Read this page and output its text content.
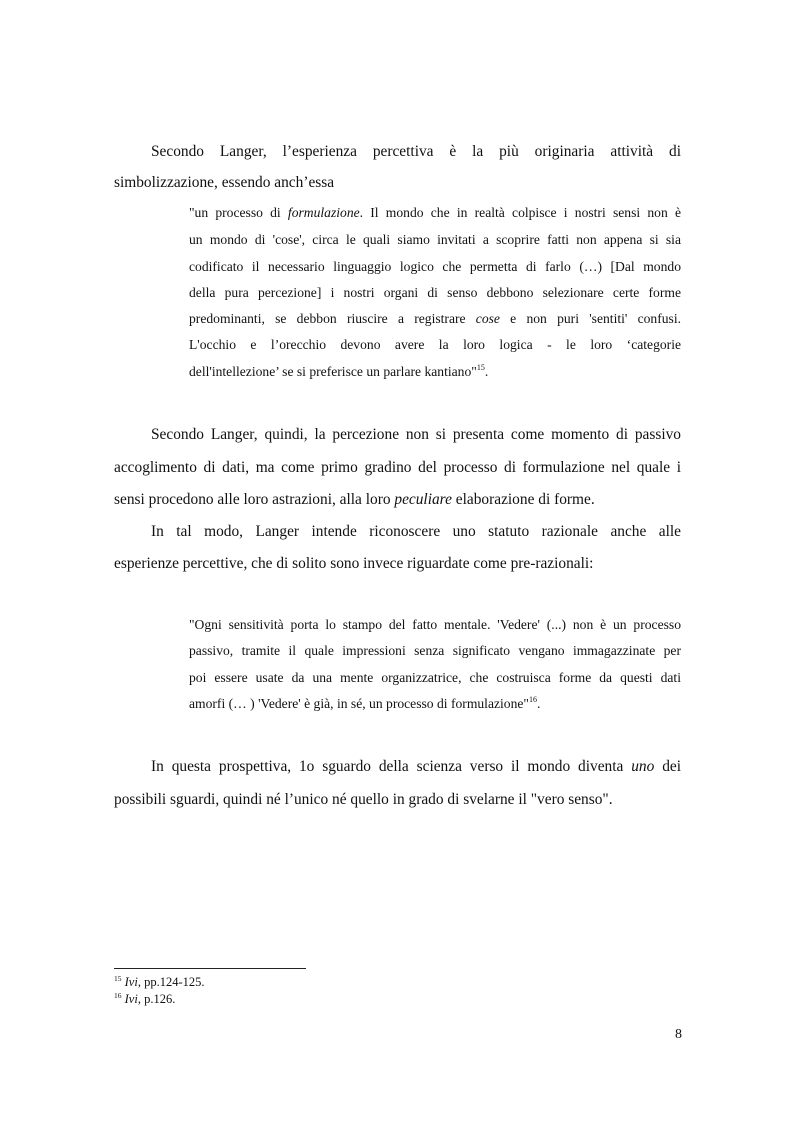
Secondo Langer, l’esperienza percettiva è la più originaria attività di
simbolizzazione, essendo anch’essa
"un processo di formulazione. Il mondo che in realtà colpisce i nostri sensi non è
un mondo di 'cose', circa le quali siamo invitati a scoprire fatti non appena si sia
codificato il necessario linguaggio logico che permetta di farlo (…) [Dal mondo
della pura percezione] i nostri organi di senso debbono selezionare certe forme
predominanti, se debbon riuscire a registrare cose e non puri 'sentiti' confusi.
L'occhio e l’orecchio devono avere la loro logica - le loro ‘categorie
dell'intellezione’ se si preferisce un parlare kantiano"$^{15}$.
Secondo Langer, quindi, la percezione non si presenta come momento di passivo
accoglimento di dati, ma come primo gradino del processo di formulazione nel quale i
sensi procedono alle loro astrazioni, alla loro peculiare elaborazione di forme.
In tal modo, Langer intende riconoscere uno statuto razionale anche alle
esperienze percettive, che di solito sono invece riguardate come pre-razionali:
"Ogni sensitività porta lo stampo del fatto mentale. 'Vedere' (...) non è un processo
passivo, tramite il quale impressioni senza significato vengano immagazzinate per
poi essere usate da una mente organizzatrice, che costruisca forme da questi dati
amorfi (… ) 'Vedere' è già, in sé, un processo di formulazione"$^{16}$.
In questa prospettiva, 1o sguardo della scienza verso il mondo diventa uno dei
possibili sguardi, quindi né l’unico né quello in grado di svelarne il "vero senso".
$^{15}$ Ivi, pp.124-125.
$^{16}$ Ivi, p.126.
8
